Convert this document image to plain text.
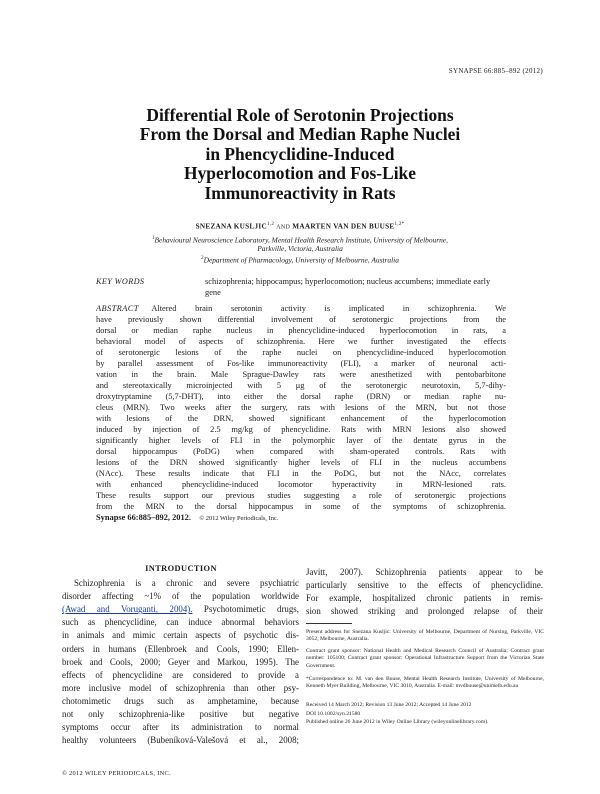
SYNAPSE 66:885–892 (2012)
Differential Role of Serotonin Projections
From the Dorsal and Median Raphe Nuclei
in Phencyclidine-Induced
Hyperlocomotion and Fos-Like
Immunoreactivity in Rats
SNEZANA KUSLJIC$^{1,2}$ AND MAARTEN VAN DEN $BUUSE^{1,2*}$
$^1$Behavioural Neuroscience Laboratory, Mental Health Research Institute, University of Melbourne,
Parkville, Victoria, Australia
$^2$Department of Pharmacology, University of Melbourne, Australia
KEY WORDS	schizophrenia; hippocampus; hyperlocomotion; nucleus accumbens; immediate early gene
ABSTRACT   Altered brain serotonin activity is implicated in schizophrenia. We
have previously shown differential involvement of serotonergic projections from the
dorsal or median raphe nucleus in phencyclidine-induced hyperlocomotion in rats, a
behavioral model of aspects of schizophrenia. Here we further investigated the effects
of serotonergic lesions of the raphe nuclei on phencyclidine-induced hyperlocomotion
by parallel assessment of Fos-like immunoreactivity (FLI), a marker of neuronal acti-
vation in the brain. Male Sprague-Dawley rats were anesthetized with pentobarbitone
and stereotaxically microinjected with 5 μg of the serotonergic neurotoxin, 5,7-dihy-
droxytryptamine (5,7-DHT), into either the dorsal raphe (DRN) or median raphe nu-
cleus (MRN). Two weeks after the surgery, rats with lesions of the MRN, but not those
with lesions of the DRN, showed significant enhancement of the hyperlocomotion
induced by injection of 2.5 mg/kg of phencyclidine. Rats with MRN lesions also showed
significantly higher levels of FLI in the polymorphic layer of the dentate gyrus in the
dorsal hippocampus (PoDG) when compared with sham-operated controls. Rats with
lesions of the DRN showed significantly higher levels of FLI in the nucleus accumbens
(NAcc). These results indicate that FLI in the PoDG, but not the NAcc, correlates
with enhanced phencyclidine-induced locomotor hyperactivity in MRN-lesioned rats.
These results support our previous studies suggesting a role of serotonergic projections
from the MRN to the dorsal hippocampus in some of the symptoms of schizophrenia.
Synapse 66:885–892, 2012.  © 2012 Wiley Periodicals, Inc.
INTRODUCTION
Schizophrenia is a chronic and severe psychiatric
disorder affecting ~1% of the population worldwide
(Awad and Voruganti, 2004). Psychotomimetic drugs,
such as phencyclidine, can induce abnormal behaviors
in animals and mimic certain aspects of psychotic dis-
orders in humans (Ellenbroek and Cools, 1990; Ellen-
broek and Cools, 2000; Geyer and Markou, 1995). The
effects of phencyclidine are considered to provide a
more inclusive model of schizophrenia than other psy-
chotomimetic drugs such as amphetamine, because
not only schizophrenia-like positive but negative
symptoms occur after its administration to normal
healthy volunteers (Bubeníková-Valešová et al., 2008;
Javitt, 2007). Schizophrenia patients appear to be
particularly sensitive to the effects of phencyclidine.
For example, hospitalized chronic patients in remis-
sion showed striking and prolonged relapse of their
Present address for Snezana Kusljic: University of Melbourne, Department of Nursing, Parkville, VIC 3052, Melbourne, Australia.
Contract grant sponsor: National Health and Medical Research Council of Australia; Contract grant number: 105100; Contract grant sponsor: Operational Infrastructure Support from the Victorian State Government.
*Correspondence to: M. van den Buuse, Mental Health Research Institute, University of Melbourne, Kenneth Myer Building, Melbourne, VIC 3010, Australia. E-mail: mvdbuuse@unimelb.edu.au
Received 14 March 2012; Revision 13 June 2012; Accepted 14 June 2012
DOI 10.1002/syn.21580
Published online 26 June 2012 in Wiley Online Library (wileyonlinelibrary.com).
© 2012 WILEY PERIODICALS, INC.
